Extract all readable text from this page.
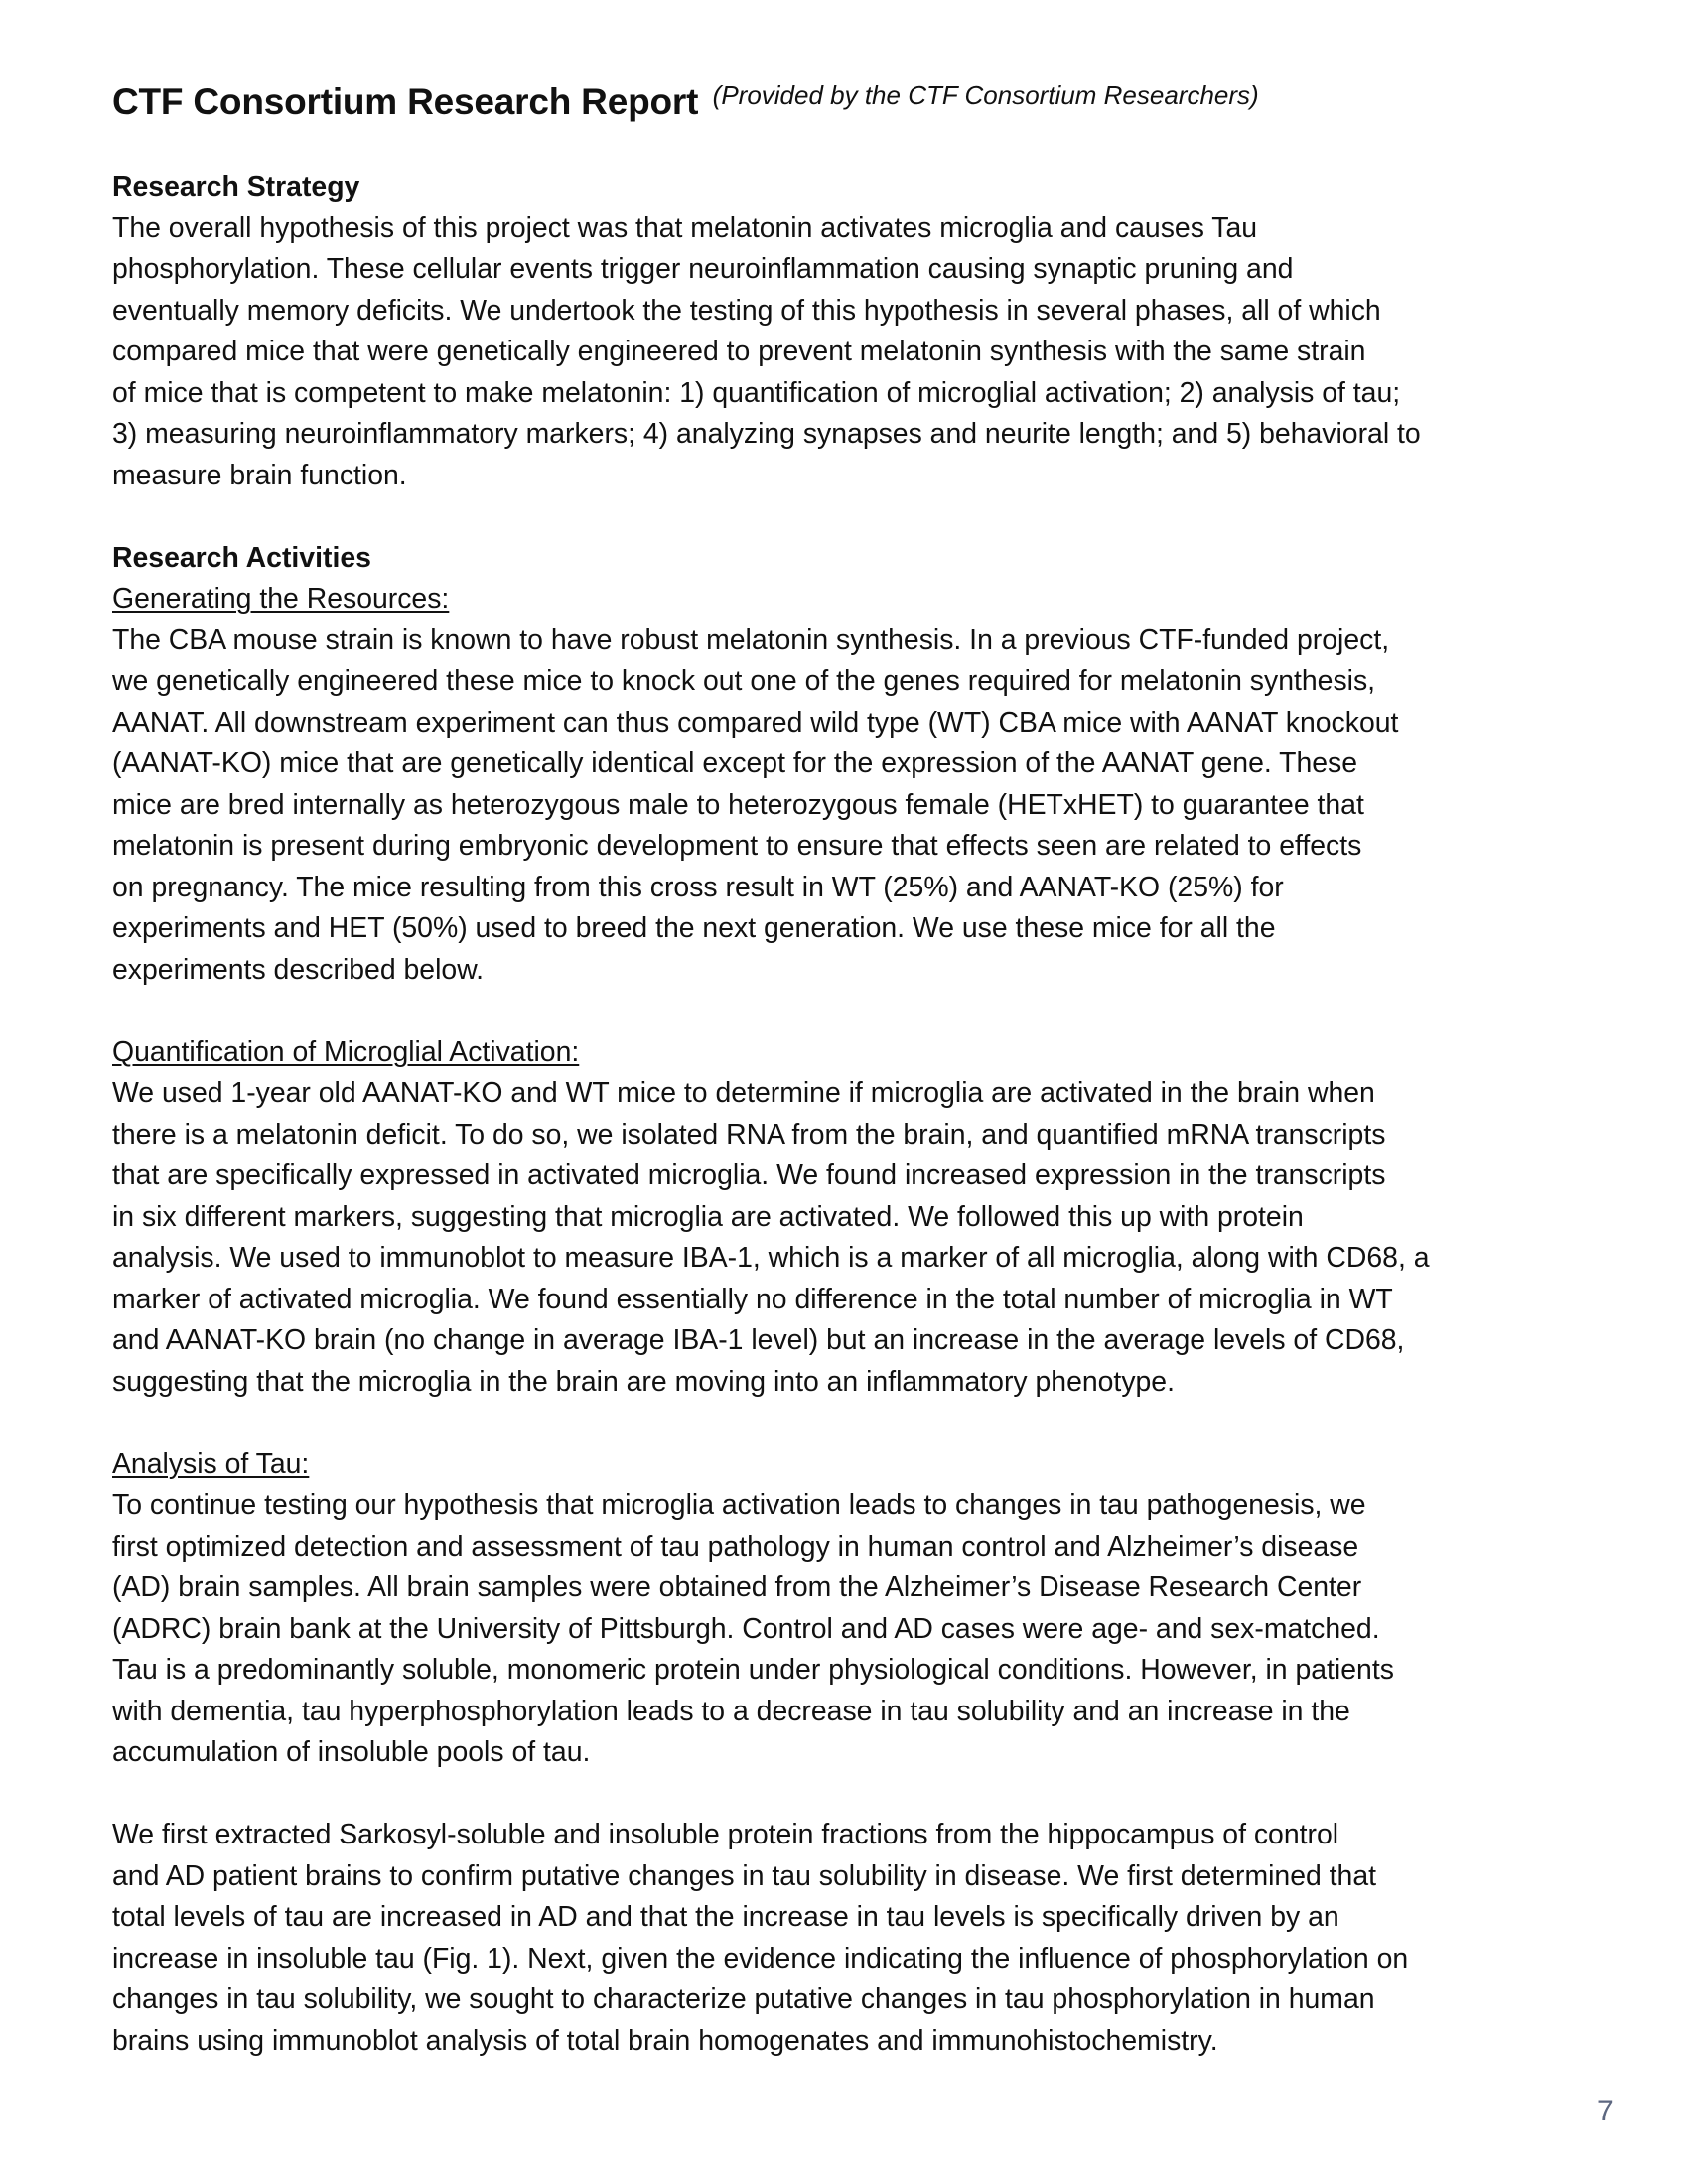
CTF Consortium Research Report (Provided by the CTF Consortium Researchers)
Research Strategy
The overall hypothesis of this project was that melatonin activates microglia and causes Tau
phosphorylation. These cellular events trigger neuroinflammation causing synaptic pruning and
eventually memory deficits. We undertook the testing of this hypothesis in several phases, all of which
compared mice that were genetically engineered to prevent melatonin synthesis with the same strain
of mice that is competent to make melatonin: 1) quantification of microglial activation; 2) analysis of tau;
3) measuring neuroinflammatory markers; 4) analyzing synapses and neurite length; and 5) behavioral to
measure brain function.
Research Activities
Generating the Resources:
The CBA mouse strain is known to have robust melatonin synthesis. In a previous CTF-funded project,
we genetically engineered these mice to knock out one of the genes required for melatonin synthesis,
AANAT. All downstream experiment can thus compared wild type (WT) CBA mice with AANAT knockout
(AANAT-KO) mice that are genetically identical except for the expression of the AANAT gene. These
mice are bred internally as heterozygous male to heterozygous female (HETxHET) to guarantee that
melatonin is present during embryonic development to ensure that effects seen are related to effects
on pregnancy. The mice resulting from this cross result in WT (25%) and AANAT-KO (25%) for
experiments and HET (50%) used to breed the next generation. We use these mice for all the
experiments described below.
Quantification of Microglial Activation:
We used 1-year old AANAT-KO and WT mice to determine if microglia are activated in the brain when
there is a melatonin deficit. To do so, we isolated RNA from the brain, and quantified mRNA transcripts
that are specifically expressed in activated microglia. We found increased expression in the transcripts
in six different markers, suggesting that microglia are activated. We followed this up with protein
analysis. We used to immunoblot to measure IBA-1, which is a marker of all microglia, along with CD68, a
marker of activated microglia. We found essentially no difference in the total number of microglia in WT
and AANAT-KO brain (no change in average IBA-1 level) but an increase in the average levels of CD68,
suggesting that the microglia in the brain are moving into an inflammatory phenotype.
Analysis of Tau:
To continue testing our hypothesis that microglia activation leads to changes in tau pathogenesis, we
first optimized detection and assessment of tau pathology in human control and Alzheimer’s disease
(AD) brain samples. All brain samples were obtained from the Alzheimer’s Disease Research Center
(ADRC) brain bank at the University of Pittsburgh. Control and AD cases were age- and sex-matched.
Tau is a predominantly soluble, monomeric protein under physiological conditions. However, in patients
with dementia, tau hyperphosphorylation leads to a decrease in tau solubility and an increase in the
accumulation of insoluble pools of tau.
We first extracted Sarkosyl-soluble and insoluble protein fractions from the hippocampus of control
and AD patient brains to confirm putative changes in tau solubility in disease. We first determined that
total levels of tau are increased in AD and that the increase in tau levels is specifically driven by an
increase in insoluble tau (Fig. 1). Next, given the evidence indicating the influence of phosphorylation on
changes in tau solubility, we sought to characterize putative changes in tau phosphorylation in human
brains using immunoblot analysis of total brain homogenates and immunohistochemistry.
7
